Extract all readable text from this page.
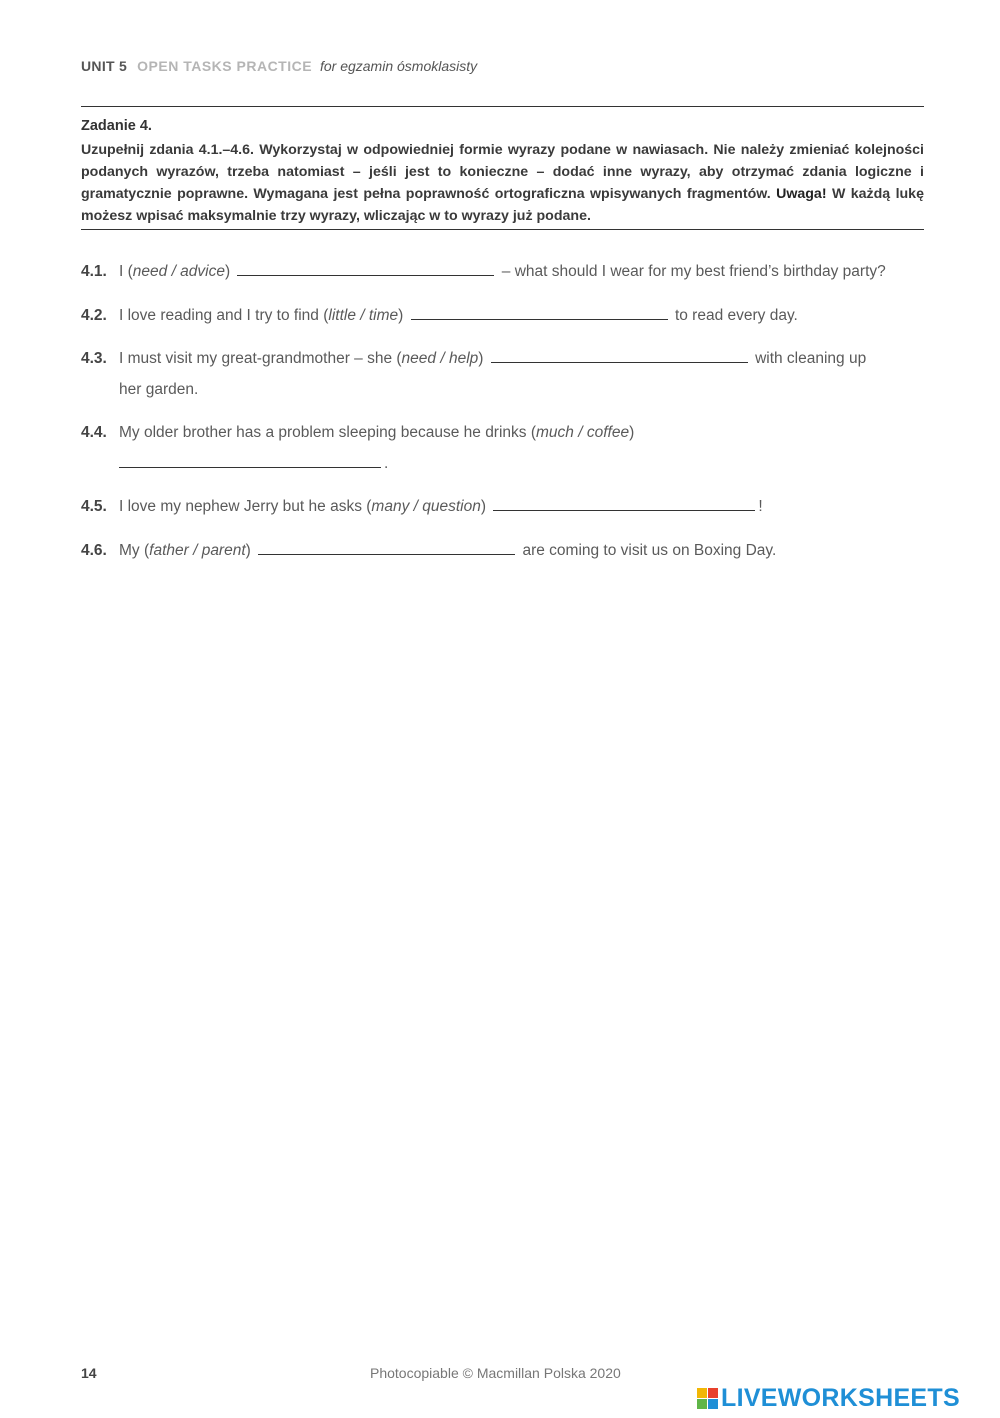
UNIT 5 OPEN TASKS PRACTICE for egzamin ósmoklasisty
Zadanie 4.
Uzupełnij zdania 4.1.–4.6. Wykorzystaj w odpowiedniej formie wyrazy podane w nawiasach. Nie należy zmieniać kolejności podanych wyrazów, trzeba natomiast – jeśli jest to konieczne – dodać inne wyrazy, aby otrzymać zdania logiczne i gramatycznie poprawne. Wymagana jest pełna poprawność ortograficzna wpisywanych fragmentów. Uwaga! W każdą lukę możesz wpisać maksymalnie trzy wyrazy, wliczając w to wyrazy już podane.
4.1. I (need / advice)	– what should I wear for my best friend’s birthday party?
4.2. I love reading and I try to find (little / time)	to read every day.
4.3. I must visit my great-grandmother – she (need / help)	with cleaning up
her garden.
4.4. My older brother has a problem sleeping because he drinks (much / coffee)
.
4.5. I love my nephew Jerry but he asks (many / question)	!
4.6. My (father / parent)	are coming to visit us on Boxing Day.
14	Photocopiable © Macmillan Polska 2020
LIVEWORKSHEETS
